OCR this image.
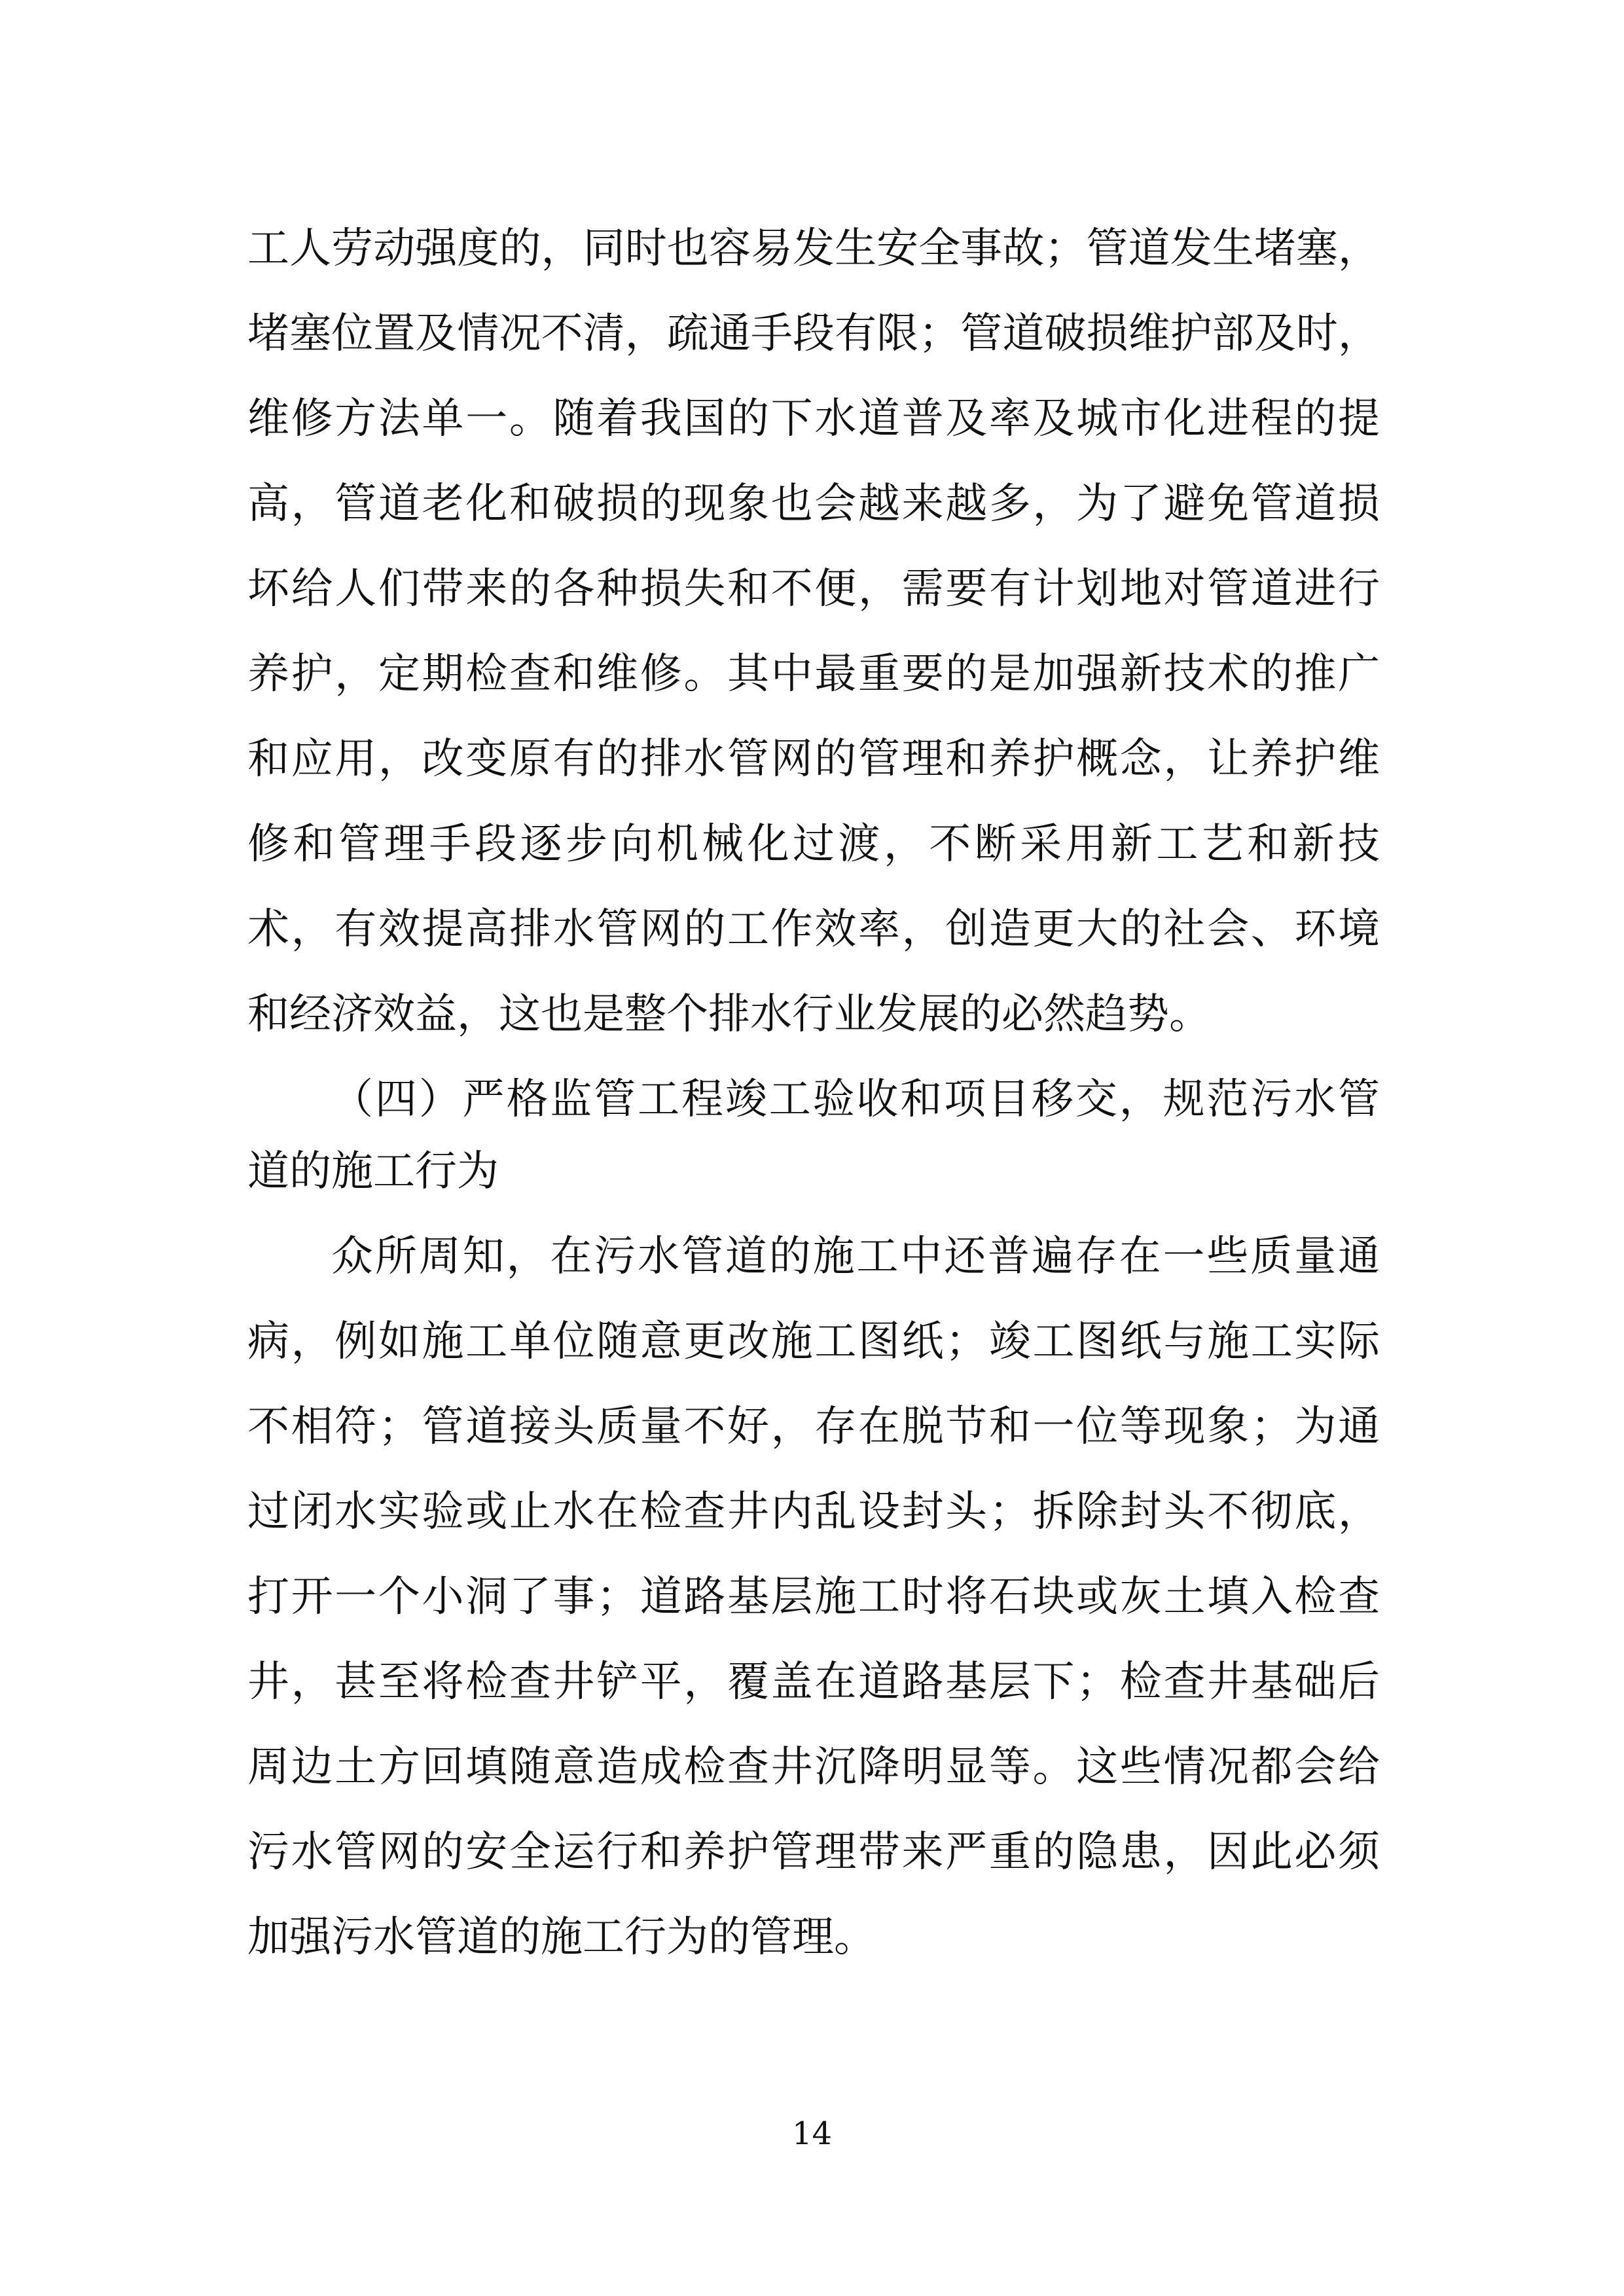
工人劳动强度的，同时也容易发生安全事故；管道发生堵塞，
堵塞位置及情况不清，疏通手段有限；管道破损维护部及时，
维修方法单一。随着我国的下水道普及率及城市化进程的提
高，管道老化和破损的现象也会越来越多，为了避免管道损
坏给人们带来的各种损失和不便，需要有计划地对管道进行
养护，定期检查和维修。其中最重要的是加强新技术的推广
和应用，改变原有的排水管网的管理和养护概念，让养护维
修和管理手段逐步向机械化过渡，不断采用新工艺和新技
术，有效提高排水管网的工作效率，创造更大的社会、环境
和经济效益，这也是整个排水行业发展的必然趋势。
（四）严格监管工程竣工验收和项目移交，规范污水管
道的施工行为
众所周知，在污水管道的施工中还普遍存在一些质量通
病，例如施工单位随意更改施工图纸；竣工图纸与施工实际
不相符；管道接头质量不好，存在脱节和一位等现象；为通
过闭水实验或止水在检查井内乱设封头；拆除封头不彻底，
打开一个小洞了事；道路基层施工时将石块或灰土填入检查
井，甚至将检查井铲平，覆盖在道路基层下；检查井基础后
周边土方回填随意造成检查井沉降明显等。这些情况都会给
污水管网的安全运行和养护管理带来严重的隐患，因此必须
加强污水管道的施工行为的管理。
14
